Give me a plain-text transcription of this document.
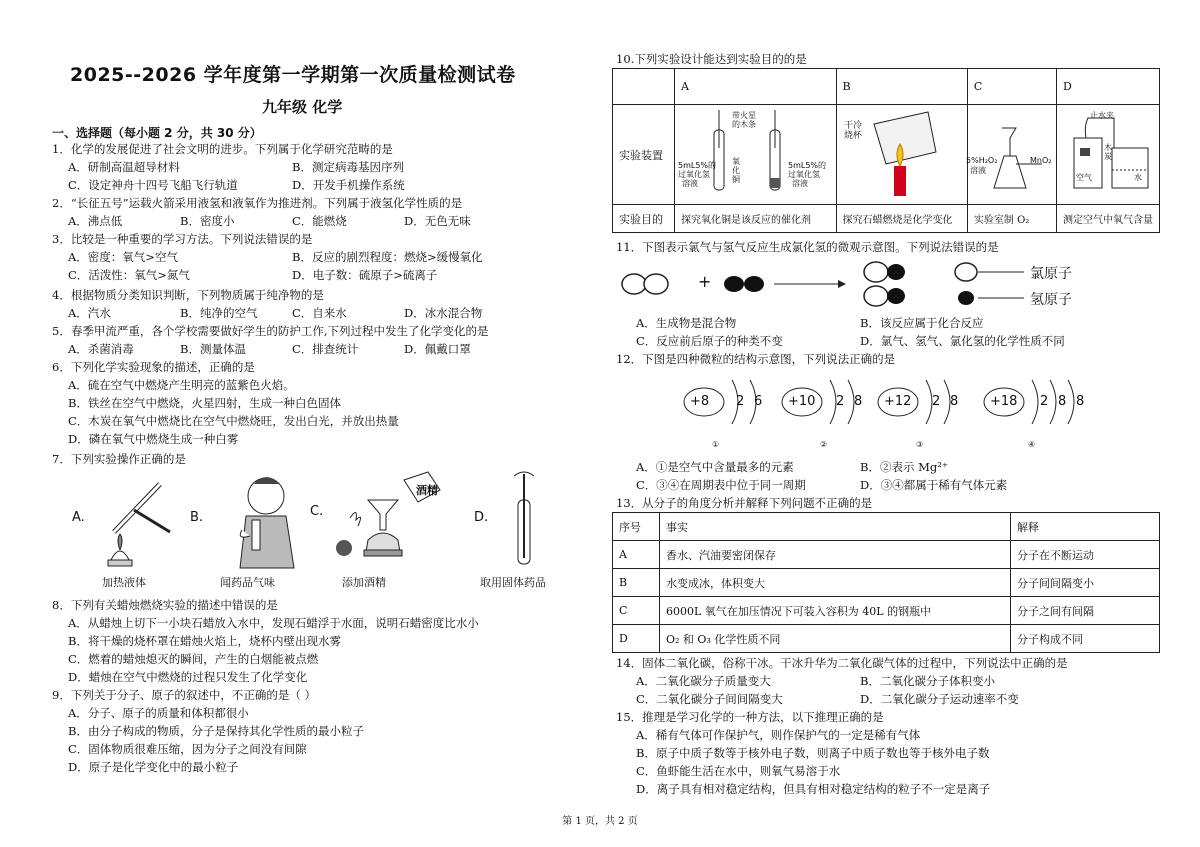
2025--2026 学年度第一学期第一次质量检测试卷
九年级 化学
一、选择题（每小题 2 分，共 30 分）
1．化学的发展促进了社会文明的进步。下列属于化学研究范畴的是
A．研制高温超导材料	B．测定病毒基因序列
C．设定神舟十四号飞船飞行轨道	D．开发手机操作系统
2．“长征五号”运载火箭采用液氢和液氧作为推进剂。下列属于液氢化学性质的是
A．沸点低	B．密度小	C．能燃烧	D．无色无味
3．比较是一种重要的学习方法。下列说法错误的是
A．密度：氧气>空气	B．反应的剧烈程度：燃烧>缓慢氧化
C．活泼性：氧气>氮气	D．电子数：硫原子>硫离子
4．根据物质分类知识判断，下列物质属于纯净物的是
A．汽水	B．纯净的空气	C．自来水	D．冰水混合物
5．春季甲流严重，各个学校需要做好学生的防护工作,下列过程中发生了化学变化的是
A．杀菌消毒	B．测量体温	C．排查统计	D．佩戴口罩
6．下列化学实验现象的描述，正确的是
A．硫在空气中燃烧产生明亮的蓝紫色火焰。
B．铁丝在空气中燃烧，火星四射，生成一种白色固体
C．木炭在氧气中燃烧比在空气中燃烧旺，发出白光，并放出热量
D．磷在氧气中燃烧生成一种白雾
7．下列实验操作正确的是
A.	B.	C.	D.
酒精
加热液体	闻药品气味	添加酒精	取用固体药品
8．下列有关蜡烛燃烧实验的描述中错误的是
A．从蜡烛上切下一小块石蜡放入水中，发现石蜡浮于水面，说明石蜡密度比水小
B．将干燥的烧杯罩在蜡烛火焰上，烧杯内壁出现水雾
C．燃着的蜡烛熄灭的瞬间，产生的白烟能被点燃
D．蜡烛在空气中燃烧的过程只发生了化学变化
9．下列关于分子、原子的叙述中，不正确的是（ ）
A．分子、原子的质量和体积都很小
B．由分子构成的物质，分子是保持其化学性质的最小粒子
C．固体物质很难压缩，因为分子之间没有间隙
D．原子是化学变化中的最小粒子
10.下列实验设计能达到实验目的的是
	A	B	C	D
实验装置				
实验目的	探究氧化铜是该反应的催化剂	探究石蜡燃烧是化学变化	实验室制 O₂	测定空气中氧气含量
带火星
的木条
5mL5%的
过氧化氢
溶液
氧
化
铜
5mL5%的
过氧化氢
溶液
干冷
烧杯
5%H₂O₂
溶液
MnO₂
止水夹
木
炭
空气	水
11．下图表示氯气与氢气反应生成氯化氢的微观示意图。下列说法错误的是
+	氯原子
氢原子
A．生成物是混合物	B．该反应属于化合反应
C．反应前后原子的种类不变	D．氯气、氢气、氯化氢的化学性质不同
12．下图是四种微粒的结构示意图，下列说法正确的是
+8 2 6 +10 2 8 +12 2 8 +18 2 8 8
①	②	③	④
A．①是空气中含量最多的元素	B．②表示 Mg²⁺
C．③④在周期表中位于同一周期	D．③④都属于稀有气体元素
13．从分子的角度分析并解释下列问题不正确的是
序号	事实	解释
A	香水、汽油要密闭保存	分子在不断运动
B	水变成冰，体积变大	分子间间隔变小
C	6000L 氧气在加压情况下可装入容积为 40L 的钢瓶中	分子之间有间隔
D	O₂ 和 O₃ 化学性质不同	分子构成不同
14．固体二氧化碳，俗称干冰。干冰升华为二氧化碳气体的过程中，下列说法中正确的是
A．二氧化碳分子质量变大	B．二氧化碳分子体积变小
C．二氧化碳分子间间隔变大	D．二氧化碳分子运动速率不变
15．推理是学习化学的一种方法，以下推理正确的是
A．稀有气体可作保护气，则作保护气的一定是稀有气体
B．原子中质子数等于核外电子数，则离子中质子数也等于核外电子数
C．鱼虾能生活在水中，则氧气易溶于水
D．离子具有相对稳定结构，但具有相对稳定结构的粒子不一定是离子
第 1 页，共 2 页
